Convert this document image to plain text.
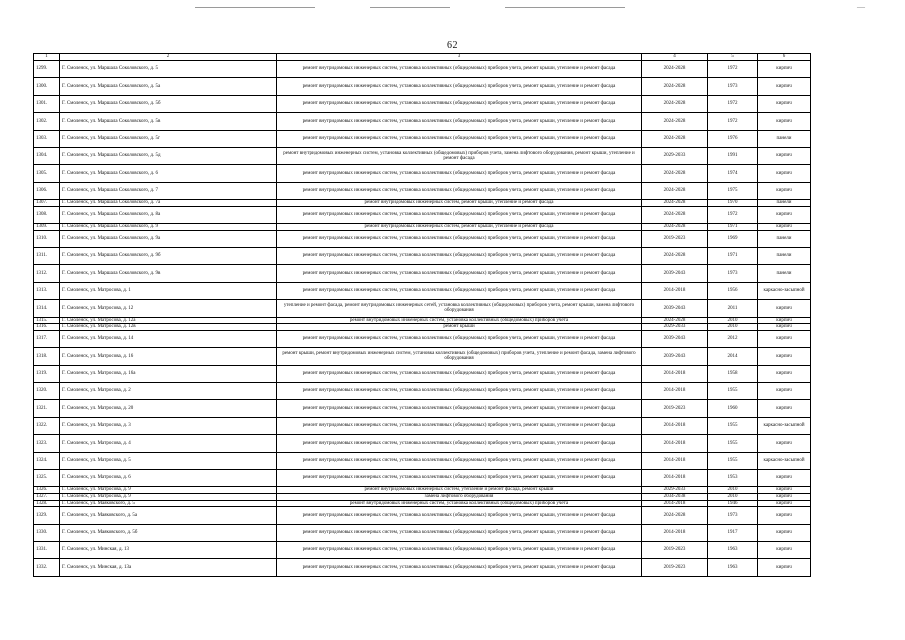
—
62
1	2	3	4	5	6
1299.	Г. Смоленск, ул. Маршала Соколовского, д. 5	ремонт внутридомовых инженерных систем, установка коллективных (общедомовых) приборов учета, ремонт крыши, утепление и ремонт фасада	2024-2028	1972	кирпич
1300.	Г. Смоленск, ул. Маршала Соколовского, д. 5а	ремонт внутридомовых инженерных систем, установка коллективных (общедомовых) приборов учета, ремонт крыши, утепление и ремонт фасада	2024-2028	1973	кирпич
1301.	Г. Смоленск, ул. Маршала Соколовского, д. 5б	ремонт внутридомовых инженерных систем, установка коллективных (общедомовых) приборов учета, ремонт крыши, утепление и ремонт фасада	2024-2028	1972	кирпич
1302.	Г. Смоленск, ул. Маршала Соколовского, д. 5в	ремонт внутридомовых инженерных систем, установка коллективных (общедомовых) приборов учета, ремонт крыши, утепление и ремонт фасада	2024-2028	1972	кирпич
1303.	Г. Смоленск, ул. Маршала Соколовского, д. 5г	ремонт внутридомовых инженерных систем, установка коллективных (общедомовых) приборов учета, ремонт крыши, утепление и ремонт фасада	2024-2028	1976	панели
1304.	Г. Смоленск, ул. Маршала Соколовского, д. 5д	ремонт внутридомовых инженерных систем, установка коллективных (общедомовых) приборов учета, замена лифтового оборудования, ремонт крыши, утепление и ремонт фасада	2029-2033	1991	кирпич
1305.	Г. Смоленск, ул. Маршала Соколовского, д. 6	ремонт внутридомовых инженерных систем, установка коллективных (общедомовых) приборов учета, ремонт крыши, утепление и ремонт фасада	2024-2028	1974	кирпич
1306.	Г. Смоленск, ул. Маршала Соколовского, д. 7	ремонт внутридомовых инженерных систем, установка коллективных (общедомовых) приборов учета, ремонт крыши, утепление и ремонт фасада	2024-2028	1975	кирпич
1307.	Г. Смоленск, ул. Маршала Соколовского, д. 7а	ремонт внутридомовых инженерных систем, ремонт крыши, утепление и ремонт фасада	2024-2028	1970	панели
1308.	Г. Смоленск, ул. Маршала Соколовского, д. 8а	ремонт внутридомовых инженерных систем, установка коллективных (общедомовых) приборов учета, ремонт крыши, утепление и ремонт фасада	2024-2028	1972	кирпич
1309.	Г. Смоленск, ул. Маршала Соколовского, д. 9	ремонт внутридомовых инженерных систем, ремонт крыши, утепление и ремонт фасада	2024-2028	1971	кирпич
1310.	Г. Смоленск, ул. Маршала Соколовского, д. 9а	ремонт внутридомовых инженерных систем, установка коллективных (общедомовых) приборов учета, ремонт крыши, утепление и ремонт фасада	2019-2023	1969	панели
1311.	Г. Смоленск, ул. Маршала Соколовского, д. 9б	ремонт внутридомовых инженерных систем, установка коллективных (общедомовых) приборов учета, ремонт крыши, утепление и ремонт фасада	2024-2028	1971	панели
1312.	Г. Смоленск, ул. Маршала Соколовского, д. 9в	ремонт внутридомовых инженерных систем, установка коллективных (общедомовых) приборов учета, ремонт крыши, утепление и ремонт фасада	2039-2043	1973	панели
1313.	Г. Смоленск, ул. Матросова, д. 1	ремонт внутридомовых инженерных систем, установка коллективных (общедомовых) приборов учета, ремонт крыши, утепление и ремонт фасада	2014-2018	1956	каркасно-засыпной
1314.	Г. Смоленск, ул. Матросова, д. 12	утепление и ремонт фасада, ремонт внутридомовых инженерных сетей, установка коллективных (общедомовых) приборов учета, ремонт крыши, замена лифтового оборудования	2039-2043	2011	кирпич
1315.	Г. Смоленск, ул. Матросова, д. 12а	ремонт внутридомовых инженерных систем, установка коллективных (общедомовых) приборов учета	2024-2028	2010	кирпич
1316.	Г. Смоленск, ул. Матросова, д. 12в	ремонт крыши	2029-2033	2010	кирпич
1317.	Г. Смоленск, ул. Матросова, д. 14	ремонт внутридомовых инженерных систем, установка коллективных (общедомовых) приборов учета, ремонт крыши, утепление и ремонт фасада	2039-2043	2012	кирпич
1318.	Г. Смоленск, ул. Матросова, д. 16	ремонт крыши, ремонт внутридомовых инженерных систем, установка коллективных (общедомовых) приборов учета, утепление и ремонт фасада, замена лифтового оборудования	2039-2043	2014	кирпич
1319.	Г. Смоленск, ул. Матросова, д. 16а	ремонт внутридомовых инженерных систем, установка коллективных (общедомовых) приборов учета, ремонт крыши, утепление и ремонт фасада	2014-2018	1958	кирпич
1320.	Г. Смоленск, ул. Матросова, д. 2	ремонт внутридомовых инженерных систем, установка коллективных (общедомовых) приборов учета, ремонт крыши, утепление и ремонт фасада	2014-2018	1955	кирпич
1321.	Г. Смоленск, ул. Матросова, д. 20	ремонт внутридомовых инженерных систем, установка коллективных (общедомовых) приборов учета, ремонт крыши, утепление и ремонт фасада	2019-2023	1960	кирпич
1322.	Г. Смоленск, ул. Матросова, д. 3	ремонт внутридомовых инженерных систем, установка коллективных (общедомовых) приборов учета, ремонт крыши, утепление и ремонт фасада	2014-2018	1955	каркасно-засыпной
1323.	Г. Смоленск, ул. Матросова, д. 4	ремонт внутридомовых инженерных систем, установка коллективных (общедомовых) приборов учета, ремонт крыши, утепление и ремонт фасада	2014-2018	1955	кирпич
1324.	Г. Смоленск, ул. Матросова, д. 5	ремонт внутридомовых инженерных систем, установка коллективных (общедомовых) приборов учета, ремонт крыши, утепление и ремонт фасада	2014-2018	1955	каркасно-засыпной
1325.	Г. Смоленск, ул. Матросова, д. 6	ремонт внутридомовых инженерных систем, установка коллективных (общедомовых) приборов учета, ремонт крыши, утепление и ремонт фасада	2014-2018	1953	кирпич
1326.	Г. Смоленск, ул. Матросова, д. 9	ремонт внутридомовых инженерных систем, утепление и ремонт фасада, ремонт крыши	2029-2033	2010	кирпич
1327.	Г. Смоленск, ул. Матросова, д. 9	замена лифтового оборудования	2034-2038	2010	кирпич
1328.	Г. Смоленск, ул. Маяковского, д. 5	ремонт внутридомовых инженерных систем, установка коллективных (общедомовых) приборов учета	2014-2018	1946	кирпич
1329.	Г. Смоленск, ул. Маяковского, д. 5а	ремонт внутридомовых инженерных систем, установка коллективных (общедомовых) приборов учета, ремонт крыши, утепление и ремонт фасада	2024-2028	1973	кирпич
1330.	Г. Смоленск, ул. Маяковского, д. 5б	ремонт внутридомовых инженерных систем, установка коллективных (общедомовых) приборов учета, ремонт крыши, утепление и ремонт фасада	2014-2018	1917	кирпич
1331.	Г. Смоленск, ул. Минская, д. 13	ремонт внутридомовых инженерных систем, установка коллективных (общедомовых) приборов учета, ремонт крыши, утепление и ремонт фасада	2019-2023	1963	кирпич
1332.	Г. Смоленск, ул. Минская, д. 13а	ремонт внутридомовых инженерных систем, установка коллективных (общедомовых) приборов учета, ремонт крыши, утепление и ремонт фасада	2019-2023	1963	кирпич
